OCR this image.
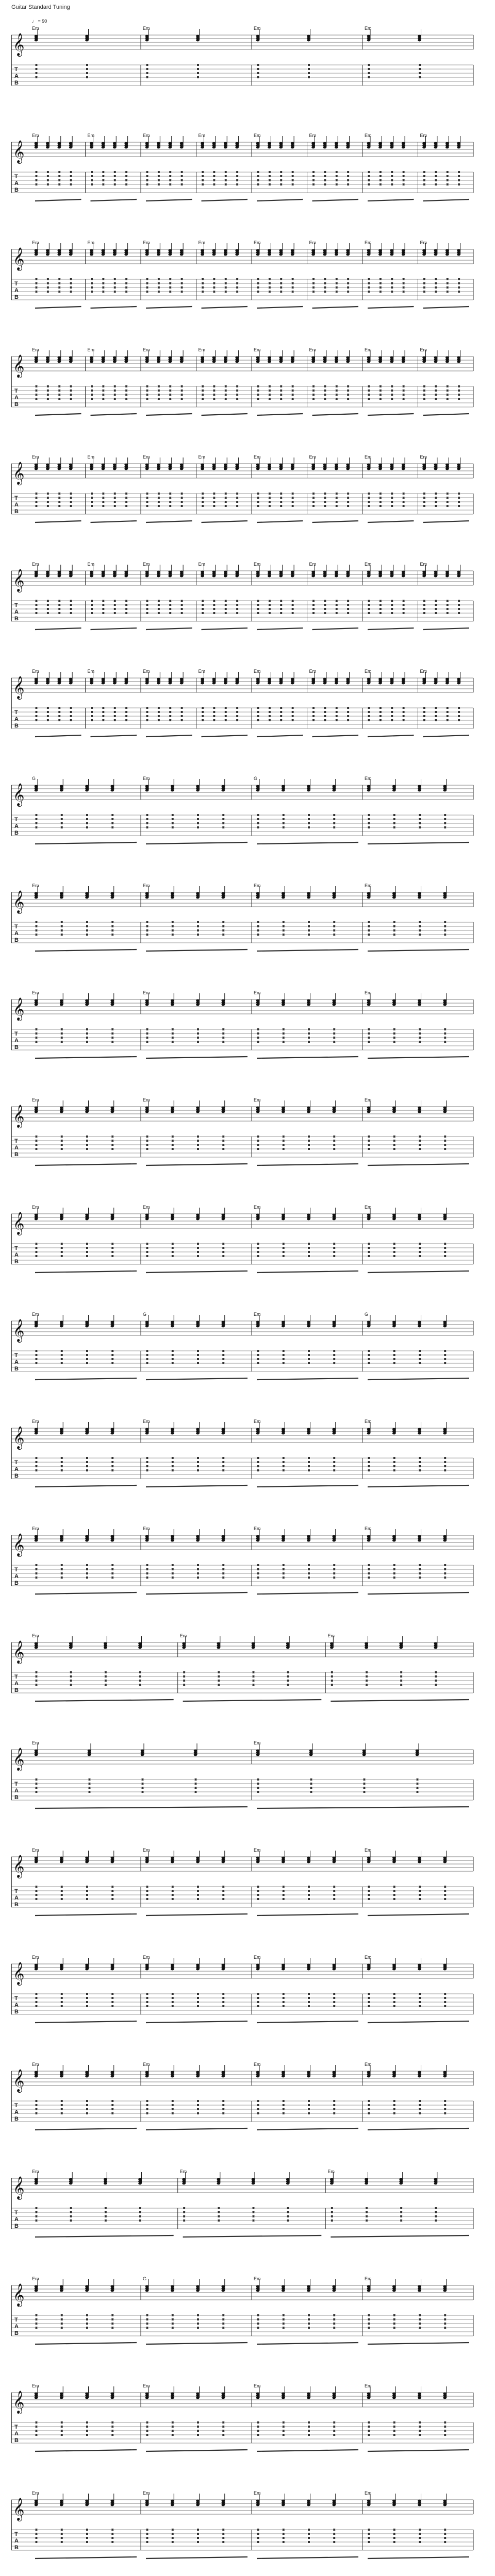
Guitar Standard Tuning
𝄞
T
A
B
Em	Em	Em	Em
♩ = 90
𝄞
T
A
B
Em	Em	Em	Em	Em	Em	Em	Em
𝄞
T
A
B
Em	Em	Em	Em	Em	Em	Em	Em
𝄞
T
A
B
Em	Em	Em	Em	Em	Em	Em	Em
𝄞
T
A
B
Em	Em	Em	Em	Em	Em	Em	Em
𝄞
T
A
B
Em	Em	Em	Em	Em	Em	Em	Em
𝄞
T
A
B
Em	Em	Em	Em	Em	Em	Em	Em
𝄞
T
A
B
G	Em	G	Em
𝄞
T
A
B
Em	Em	Em	Em
𝄞
T
A
B
Em	Em	Em	Em
𝄞
T
A
B
Em	Em	Em	Em
𝄞
T
A
B
Em	Em	Em	Em
𝄞
T
A
B
Em	G	Em	G
𝄞
T
A
B
Em	Em	Em	Em
𝄞
T
A
B
Em	Em	Em	Em
𝄞
T
A
B
Em	Em	Em
𝄞
T
A
B
Em	Em
𝄞
T
A
B
Em	Em	Em	Em
𝄞
T
A
B
Em	Em	Em	Em
𝄞
T
A
B
Em	Em	Em	Em
𝄞
T
A
B
Em	Em	Em
𝄞
T
A
B
Em	G	Em	Em
𝄞
T
A
B
Em	Em	Em	Em
𝄞
T
A
B
Em	Em	Em	Em
